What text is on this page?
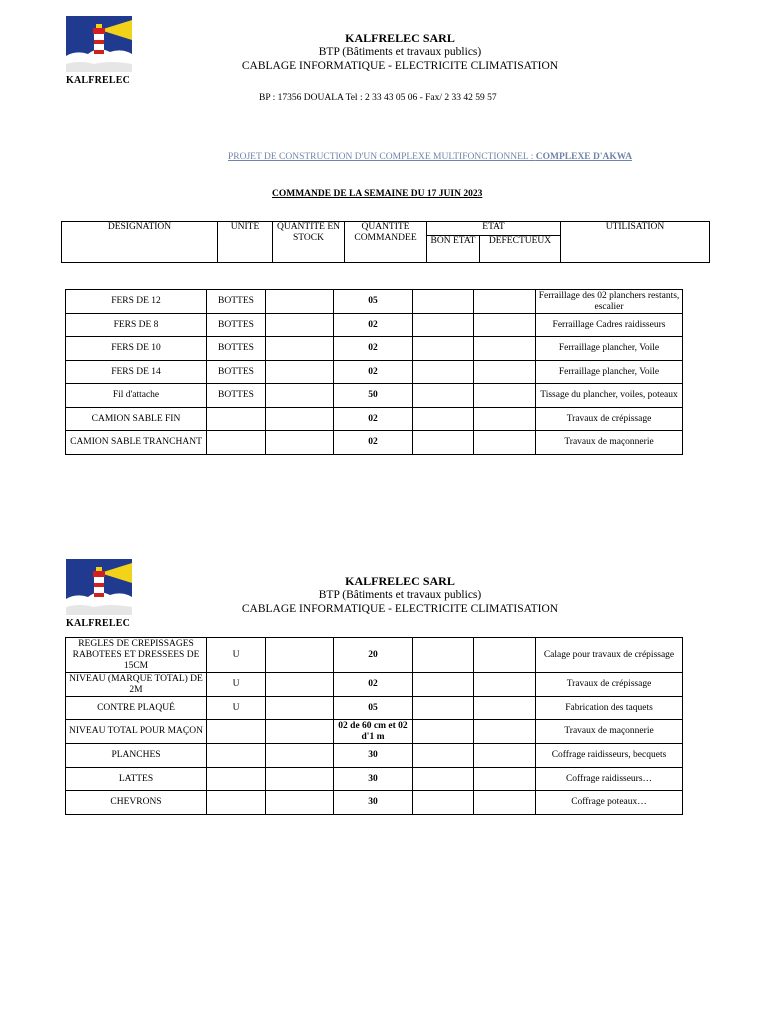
KALFRELEC
KALFRELEC SARL
BTP (Bâtiments et travaux publics)
CABLAGE INFORMATIQUE - ELECTRICITE CLIMATISATION
BP : 17356 DOUALA Tel : 2 33 43 05 06 - Fax/ 2 33 42 59 57
PROJET DE CONSTRUCTION D'UN COMPLEXE MULTIFONCTIONNEL : COMPLEXE D'AKWA
COMMANDE DE LA SEMAINE DU 17 JUIN 2023
DESIGNATION	UNITE	QUANTITE EN STOCK	QUANTITE COMMANDEE	ETAT		UTILISATION
				BON ETAT	DEFECTUEUX	
FERS DE 12	BOTTES		05			Ferraillage des 02 planchers restants, escalier
FERS DE 8	BOTTES		02			Ferraillage Cadres raidisseurs
FERS DE 10	BOTTES		02			Ferraillage plancher, Voile
FERS DE 14	BOTTES		02			Ferraillage plancher, Voile
Fil d'attache	BOTTES		50			Tissage du plancher, voiles, poteaux
CAMION SABLE FIN			02			Travaux de crépissage
CAMION SABLE TRANCHANT			02			Travaux de maçonnerie
KALFRELEC
KALFRELEC SARL
BTP (Bâtiments et travaux publics)
CABLAGE INFORMATIQUE - ELECTRICITE CLIMATISATION
REGLES DE CREPISSAGES RABOTEES ET DRESSEES DE 15CM	U		20			Calage pour travaux de crépissage
NIVEAU (MARQUE TOTAL) DE 2M	U		02			Travaux de crépissage
CONTRE PLAQUÉ	U		05			Fabrication des taquets
NIVEAU TOTAL POUR MAÇON			02 de 60 cm et 02 d'1 m			Travaux de maçonnerie
PLANCHES			30			Coffrage raidisseurs, becquets
LATTES			30			Coffrage raidisseurs…
CHEVRONS			30			Coffrage poteaux…
